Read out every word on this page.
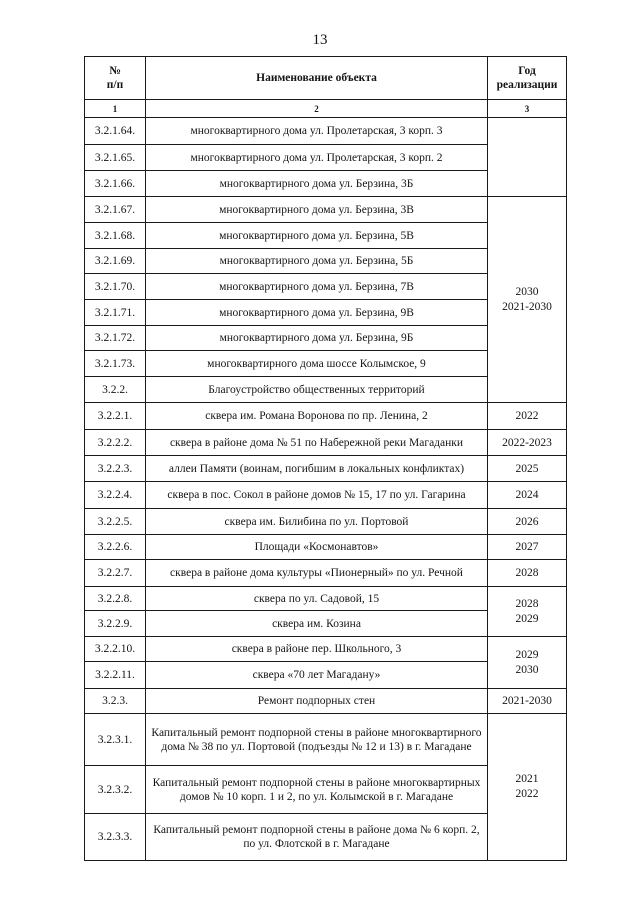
13
№
п/п	Наименование объекта	Год
реализации

1	2	3
3.2.1.64.	многоквартирного дома ул. Пролетарская, 3 корп. 3	
3.2.1.65.	многоквартирного дома ул. Пролетарская, 3 корп. 2	
3.2.1.66.	многоквартирного дома ул. Берзина, 3Б	
3.2.1.67.	многоквартирного дома ул. Берзина, 3В	2030
2021-2030

3.2.1.68.	многоквартирного дома ул. Берзина, 5В	
3.2.1.69.	многоквартирного дома ул. Берзина, 5Б	
3.2.1.70.	многоквартирного дома ул. Берзина, 7В	
3.2.1.71.	многоквартирного дома ул. Берзина, 9В	
3.2.1.72.	многоквартирного дома ул. Берзина, 9Б	
3.2.1.73.	многоквартирного дома шоссе Колымское, 9	
3.2.2.	Благоустройство общественных территорий	
3.2.2.1.	сквера им. Романа Воронова по пр. Ленина, 2	2022
3.2.2.2.	сквера в районе дома № 51 по Набережной реки Магаданки	2022-2023
3.2.2.3.	аллеи Памяти (воинам, погибшим в локальных конфликтах)	2025
3.2.2.4.	сквера в пос. Сокол в районе домов № 15, 17 по ул. Гагарина	2024
3.2.2.5.	сквера им. Билибина по ул. Портовой	2026
3.2.2.6.	Площади «Космонавтов»	2027
3.2.2.7.	сквера в районе дома культуры «Пионерный» по ул. Речной	2028
3.2.2.8.	сквера по ул. Садовой, 15	2028
2029

3.2.2.9.	сквера им. Козина	
3.2.2.10.	сквера в районе пер. Школьного, 3	2029
2030

3.2.2.11.	сквера «70 лет Магадану»	
3.2.3.	Ремонт подпорных стен	2021-2030
3.2.3.1.	Капитальный ремонт подпорной стены в районе многоквартирного дома № 38 по ул. Портовой (подъезды № 12 и 13) в г. Магадане	2021
2022

3.2.3.2.	Капитальный ремонт подпорной стены в районе многоквартирных домов № 10 корп. 1 и 2, по ул. Колымской в г. Магадане	
3.2.3.3.	Капитальный ремонт подпорной стены в районе дома № 6 корп. 2, по ул. Флотской в г. Магадане	
